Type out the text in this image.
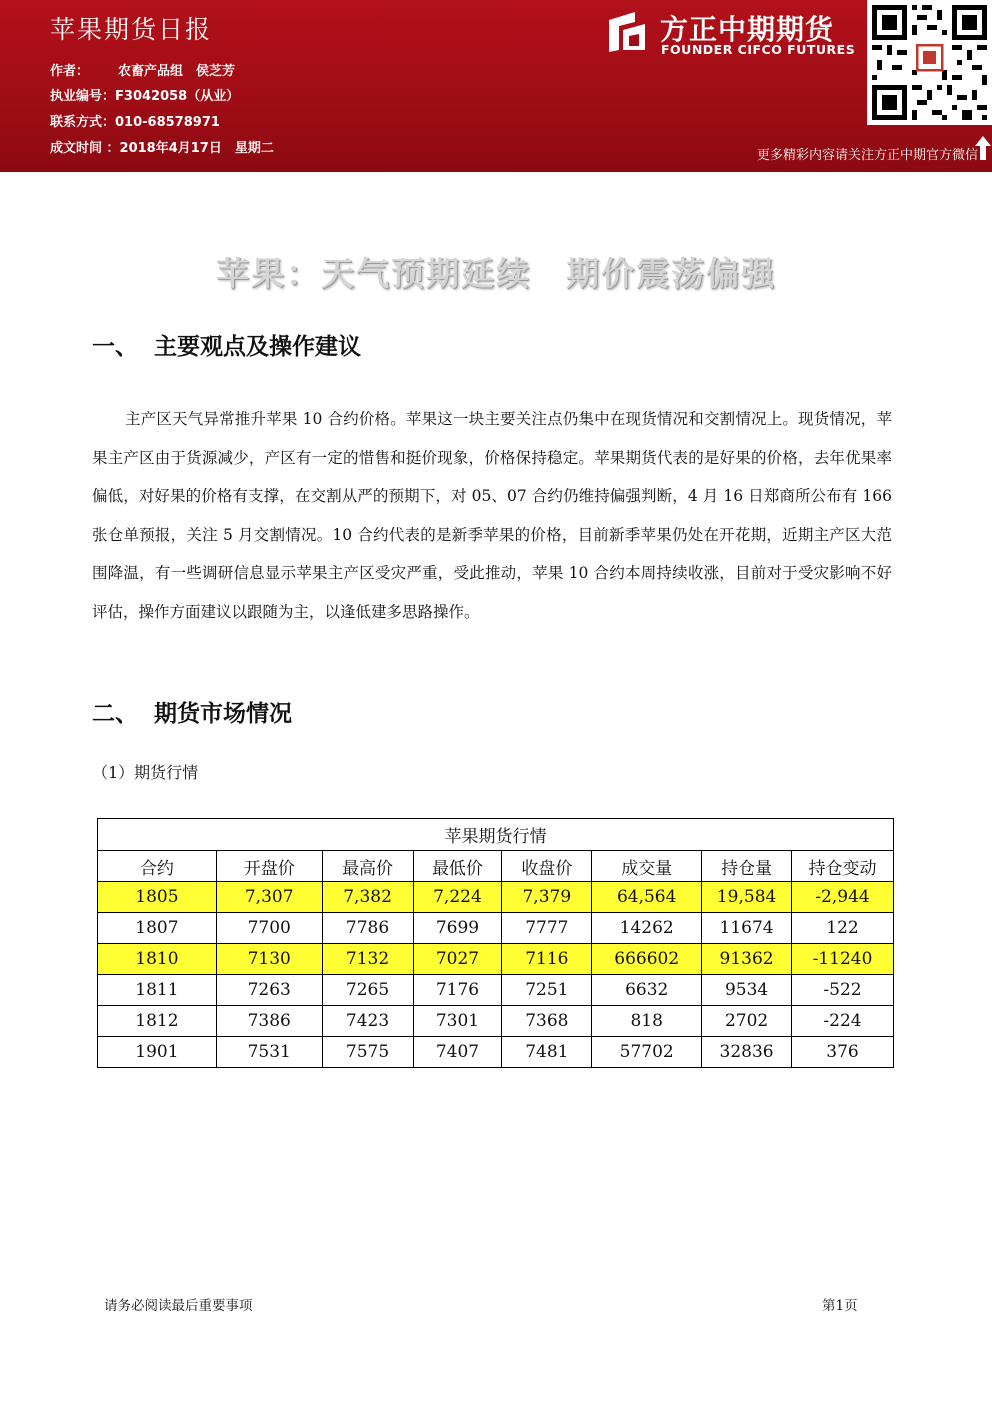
苹果期货日报
作者： 农畜产品组　侯芝芳
执业编号：F3042058（从业）
联系方式：010-68578971
成文时间 ：2018年4月17日　星期二
方正中期期货
FOUNDER CIFCO FUTURES
更多精彩内容请关注方正中期官方微信
苹果：天气预期延续　期价震荡偏强
一、 主要观点及操作建议
主产区天气异常推升苹果 10 合约价格。苹果这一块主要关注点仍集中在现货情况和交割情况上。现货情况，苹果主产区由于货源减少，产区有一定的惜售和挺价现象，价格保持稳定。苹果期货代表的是好果的价格，去年优果率偏低，对好果的价格有支撑，在交割从严的预期下，对 05、07 合约仍维持偏强判断，4 月 16 日郑商所公布有 166 张仓单预报，关注 5 月交割情况。10 合约代表的是新季苹果的价格，目前新季苹果仍处在开花期，近期主产区大范围降温，有一些调研信息显示苹果主产区受灾严重，受此推动，苹果 10 合约本周持续收涨，目前对于受灾影响不好评估，操作方面建议以跟随为主，以逢低建多思路操作。
二、 期货市场情况
（1）期货行情
苹果期货行情							
合约	开盘价	最高价	最低价	收盘价	成交量	持仓量	持仓变动
1805	7,307	7,382	7,224	7,379	64,564	19,584	-2,944
1807	7700	7786	7699	7777	14262	11674	122
1810	7130	7132	7027	7116	666602	91362	-11240
1811	7263	7265	7176	7251	6632	9534	-522
1812	7386	7423	7301	7368	818	2702	-224
1901	7531	7575	7407	7481	57702	32836	376
请务必阅读最后重要事项	第1页
